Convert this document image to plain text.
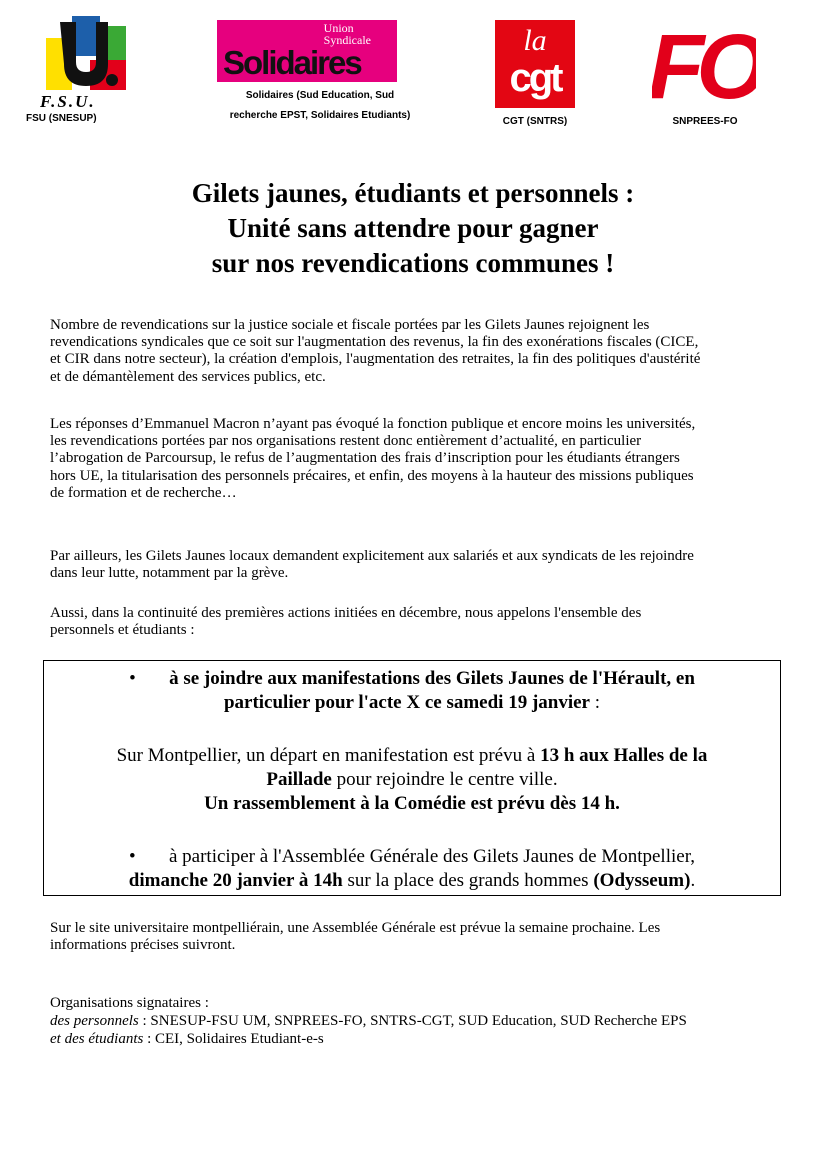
F.S.U.
FSU (SNESUP)
Union
Syndicale
Solidaires
Solidaires (Sud Education, Sud
recherche EPST, Solidaires Etudiants)
la
cgt
CGT (SNTRS)
FO
SNPREES-FO
Gilets jaunes, étudiants et personnels :
Unité sans attendre pour gagner
sur nos revendications communes !
Nombre de revendications sur la justice sociale et fiscale portées par les Gilets Jaunes rejoignent les
revendications syndicales que ce soit sur l'augmentation des revenus, la fin des exonérations fiscales (CICE,
et CIR dans notre secteur), la création d'emplois, l'augmentation des retraites, la fin des politiques d'austérité
et de démantèlement des services publics, etc.
Les réponses d’Emmanuel Macron n’ayant pas évoqué la fonction publique et encore moins les universités,
les revendications portées par nos organisations restent donc entièrement d’actualité, en particulier
l’abrogation de Parcoursup, le refus de l’augmentation des frais d’inscription pour les étudiants étrangers
hors UE, la titularisation des personnels précaires, et enfin, des moyens à la hauteur des missions publiques
de formation et de recherche…
Par ailleurs, les Gilets Jaunes locaux demandent explicitement aux salariés et aux syndicats de les rejoindre
dans leur lutte, notamment par la grève.
Aussi, dans la continuité des premières actions initiées en décembre, nous appelons l'ensemble des
personnels et étudiants :
• à se joindre aux manifestations des Gilets Jaunes de l'Hérault, en
particulier pour l'acte X ce samedi 19 janvier :
Sur Montpellier, un départ en manifestation est prévu à 13 h aux Halles de la
Paillade pour rejoindre le centre ville.
Un rassemblement à la Comédie est prévu dès 14 h.
• à participer à l'Assemblée Générale des Gilets Jaunes de Montpellier,
dimanche 20 janvier à 14h sur la place des grands hommes (Odysseum).
Sur le site universitaire montpelliérain, une Assemblée Générale est prévue la semaine prochaine. Les
informations précises suivront.
Organisations signataires :
des personnels : SNESUP-FSU UM, SNPREES-FO, SNTRS-CGT, SUD Education, SUD Recherche EPS
et des étudiants : CEI, Solidaires Etudiant-e-s
